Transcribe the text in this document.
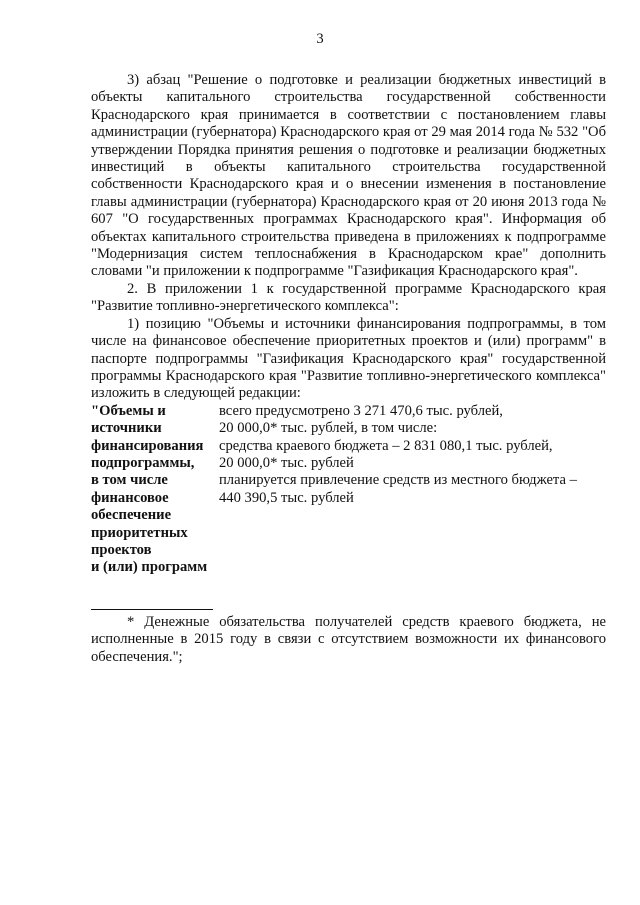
3

3) абзац "Решение о подготовке и реализации бюджетных инвестиций в объекты капитального строительства государственной собственности Краснодарского края принимается в соответствии с постановлением главы администрации (губернатора) Краснодарского края от 29 мая 2014 года № 532 "Об утверждении Порядка принятия решения о подготовке и реализации бюджетных инвестиций в объекты капитального строительства государственной собственности Краснодарского края и о внесении изменения в постановление главы администрации (губернатора) Краснодарского края от 20 июня 2013 года № 607 "О государственных программах Краснодарского края". Информация об объектах капитального строительства приведена в приложениях к подпрограмме "Модернизация систем теплоснабжения в Краснодарском крае" дополнить словами "и приложении к подпрограмме "Газификация Краснодарского края".

2. В приложении 1 к государственной программе Краснодарского края "Развитие топливно-энергетического комплекса":

1) позицию "Объемы и источники финансирования подпрограммы, в том числе на финансовое обеспечение приоритетных проектов и (или) программ" в паспорте подпрограммы "Газификация Краснодарского края" государственной программы Краснодарского края "Развитие топливно-энергетического комплекса" изложить в следующей редакции:

"Объемы и
источники
финансирования
подпрограммы,
в том числе
финансовое
обеспечение
приоритетных
проектов
и (или) программ
всего предусмотрено 3 271 470,6 тыс. рублей,
20 000,0* тыс. рублей, в том числе:
средства краевого бюджета – 2 831 080,1 тыс. рублей,
20 000,0* тыс. рублей
планируется привлечение средств из местного бюджета –
440 390,5 тыс. рублей

* Денежные обязательства получателей средств краевого бюджета, не исполненные в 2015 году в связи с отсутствием возможности их финансового обеспечения.";
